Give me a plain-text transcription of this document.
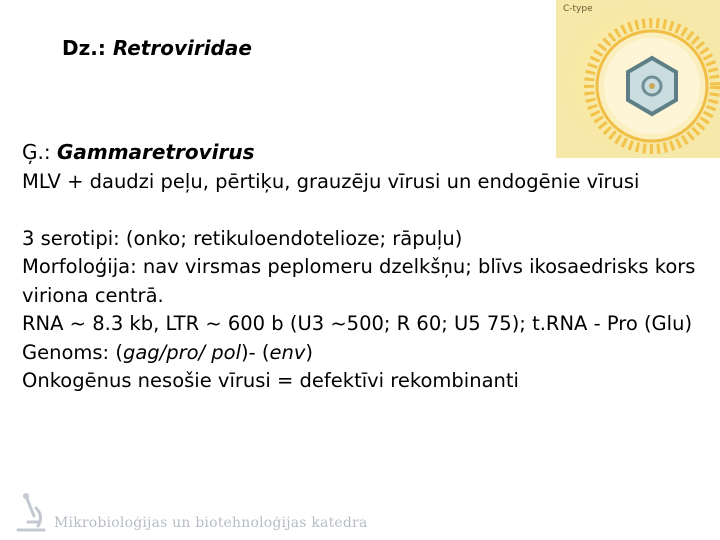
Dz.: Retroviridae
C-type
Ģ.: Gammaretrovirus

MLV + daudzi peļu, pērtiķu, grauzēju vīrusi un endogēnie vīrusi

3 serotipi: (onko; retikuloendotelioze; rāpuļu)

Morfoloģija: nav virsmas peplomeru dzelkšņu; blīvs ikosaedrisks kors viriona centrā.

RNA ~ 8.3 kb, LTR ~ 600 b (U3 ~500; R 60; U5 75); t.RNA - Pro (Glu)

Genoms: (gag/pro/ pol)- (env)

Onkogēnus nesošie vīrusi = defektīvi rekombinanti

Mikrobioloģijas un biotehnoloģijas katedra
